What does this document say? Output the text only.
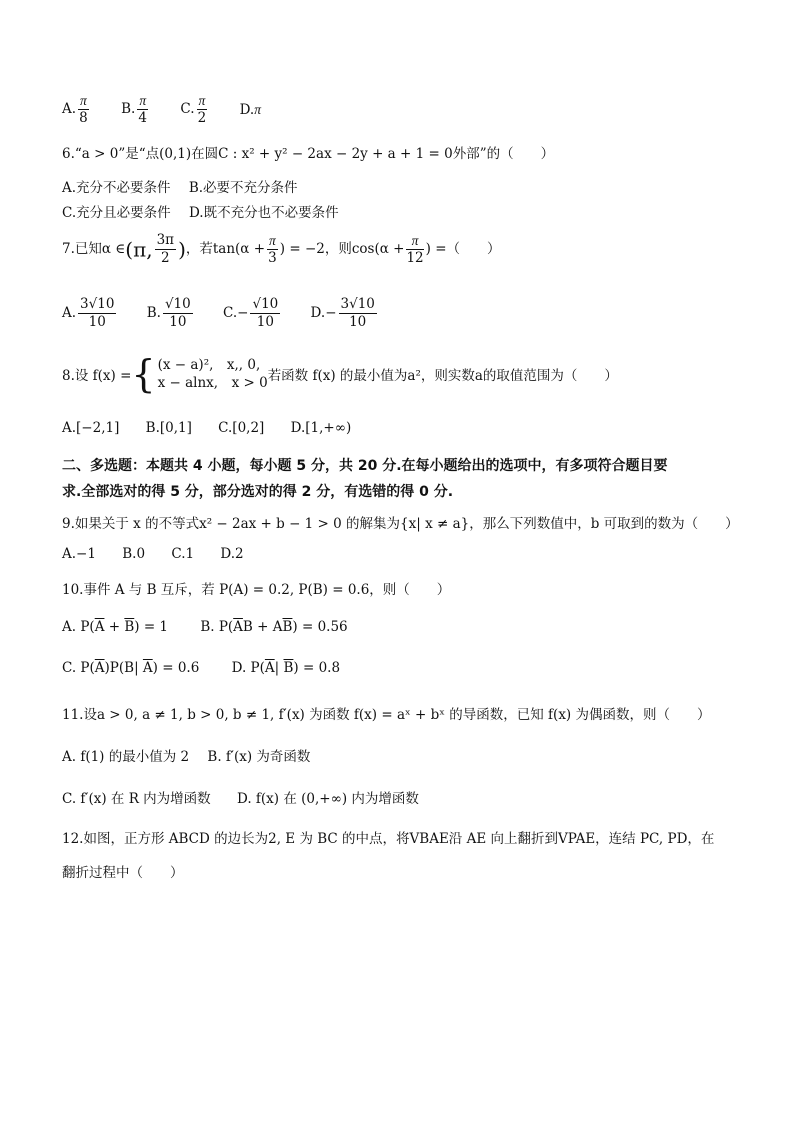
A. $\frac{\pi}{8} B$. $\frac{\pi}{4} C$. $\frac{\pi}{2} D.\pi$
6.“a > 0”是“点(0,1)在圆C : x² + y² − 2ax − 2y + a + 1 = 0外部”的（　　）
A.充分不必要条件 B.必要不充分条件
C.充分且必要条件 D.既不充分也不必要条件
7.已知α ∈(π, $\frac{3\pi}{2}$ )，若$\tan(\alpha + \frac{\pi}{3}$ ) = −2，则$\cos(\alpha + \frac{\pi}{12}$ ) =（　　）
A. $\frac{3√10}{10} B$. $\frac{√10}{10} C.- \frac{√10}{10} D.- \frac{3√10}{10}$
8.设 f(x) ={ (x − a)²,　x,, 0,
x − alnx,　x > 0 若函数 f(x) 的最小值为a²，则实数a的取值范围为（　　）
A.[−2,1] B.[0,1] C.[0,2] D.[1,+∞)
二、多选题：本题共 4 小题，每小题 5 分，共 20 分.在每小题给出的选项中，有多项符合题目要
求.全部选对的得 5 分，部分选对的得 2 分，有选错的得 0 分.
9.如果关于 x 的不等式x² − 2ax + b − 1 > 0 的解集为{x| x ≠ a}，那么下列数值中，b 可取到的数为（　　）
A.−1 B.0 C.1 D.2
10.事件 A 与 B 互斥，若 P(A) = 0.2, P(B) = 0.6，则（　　）
A. $P(\overline{A} + \overline{B}) = 1$ B. $P(\overline{A}B + A\overline{B}) = 0.56$
C. $P(\overline{A})P(B|$ $\overline{A}) = 0.6$ D. $P(\overline{A}|$ $\overline{B}) = 0.8$
11.设a > 0, a ≠ 1, b > 0, b ≠ 1, f′(x) 为函数 f(x) = aˣ + bˣ 的导函数，已知 f(x) 为偶函数，则（　　）
A. f(1) 的最小值为 2 B. f′(x) 为奇函数
C. f′(x) 在 R 内为增函数 D. f(x) 在 (0,+∞) 内为增函数
12.如图，正方形 ABCD 的边长为2, E 为 BC 的中点，将VBAE沿 AE 向上翻折到VPAE，连结 PC, PD，在
翻折过程中（　　）
